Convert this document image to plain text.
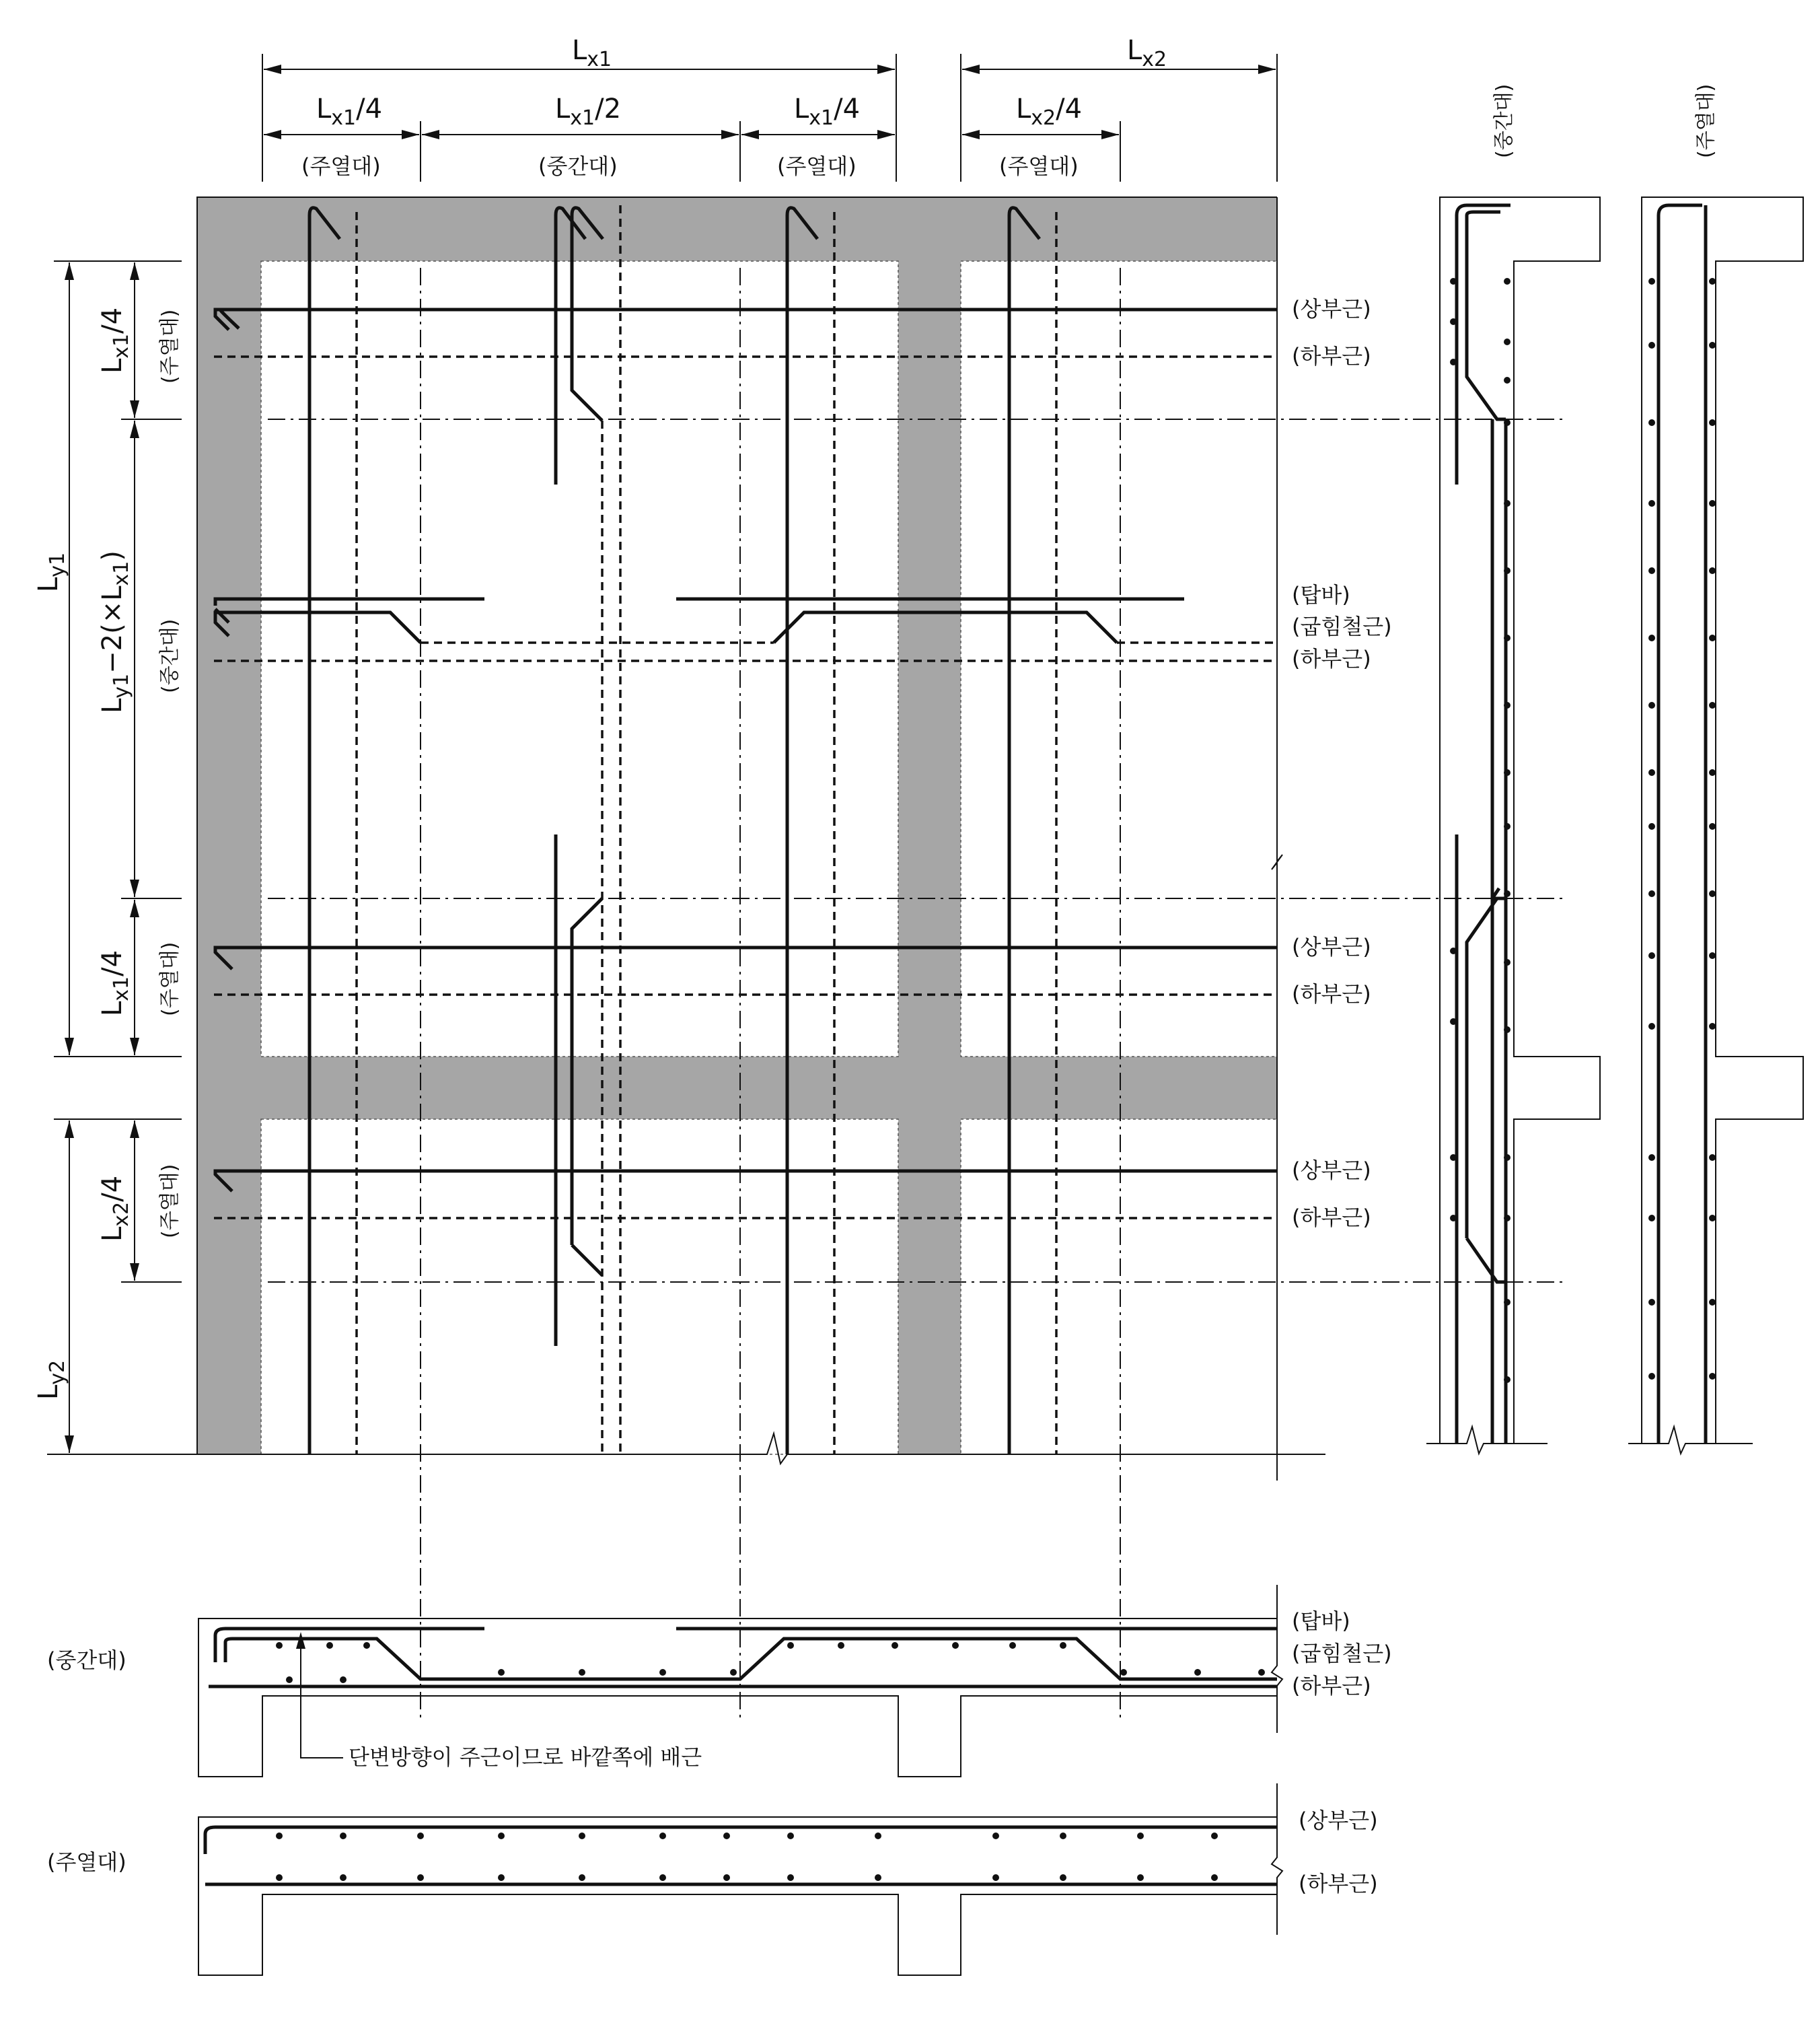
$L_{x1}$	$L_{x2}$
$L_{x1}/4$	$L_{x1}/2$	$L_{x1}/4$	$L_{x2}/4$
(주열대)	(중간대)	(주열대)	(주열대)
$L_{y1}$
$L_{y2}$
$L_{x1}/4$
$L_{y1}-2(\times L_{x1})$
$L_{x1}/4$
$L_{x2}/4$
(주열대)
(중간대)
(주열대)
(주열대)
(상부근)
(하부근)
(탑바)
(굽힘철근)
(하부근)
(상부근)
(하부근)
(상부근)
(하부근)
(중간대)	(주열대)
(중간대)
단변방향이 주근이므로 바깥쪽에 배근
(탑바)
(굽힘철근)
(하부근)
(주열대)
(상부근)
(하부근)
